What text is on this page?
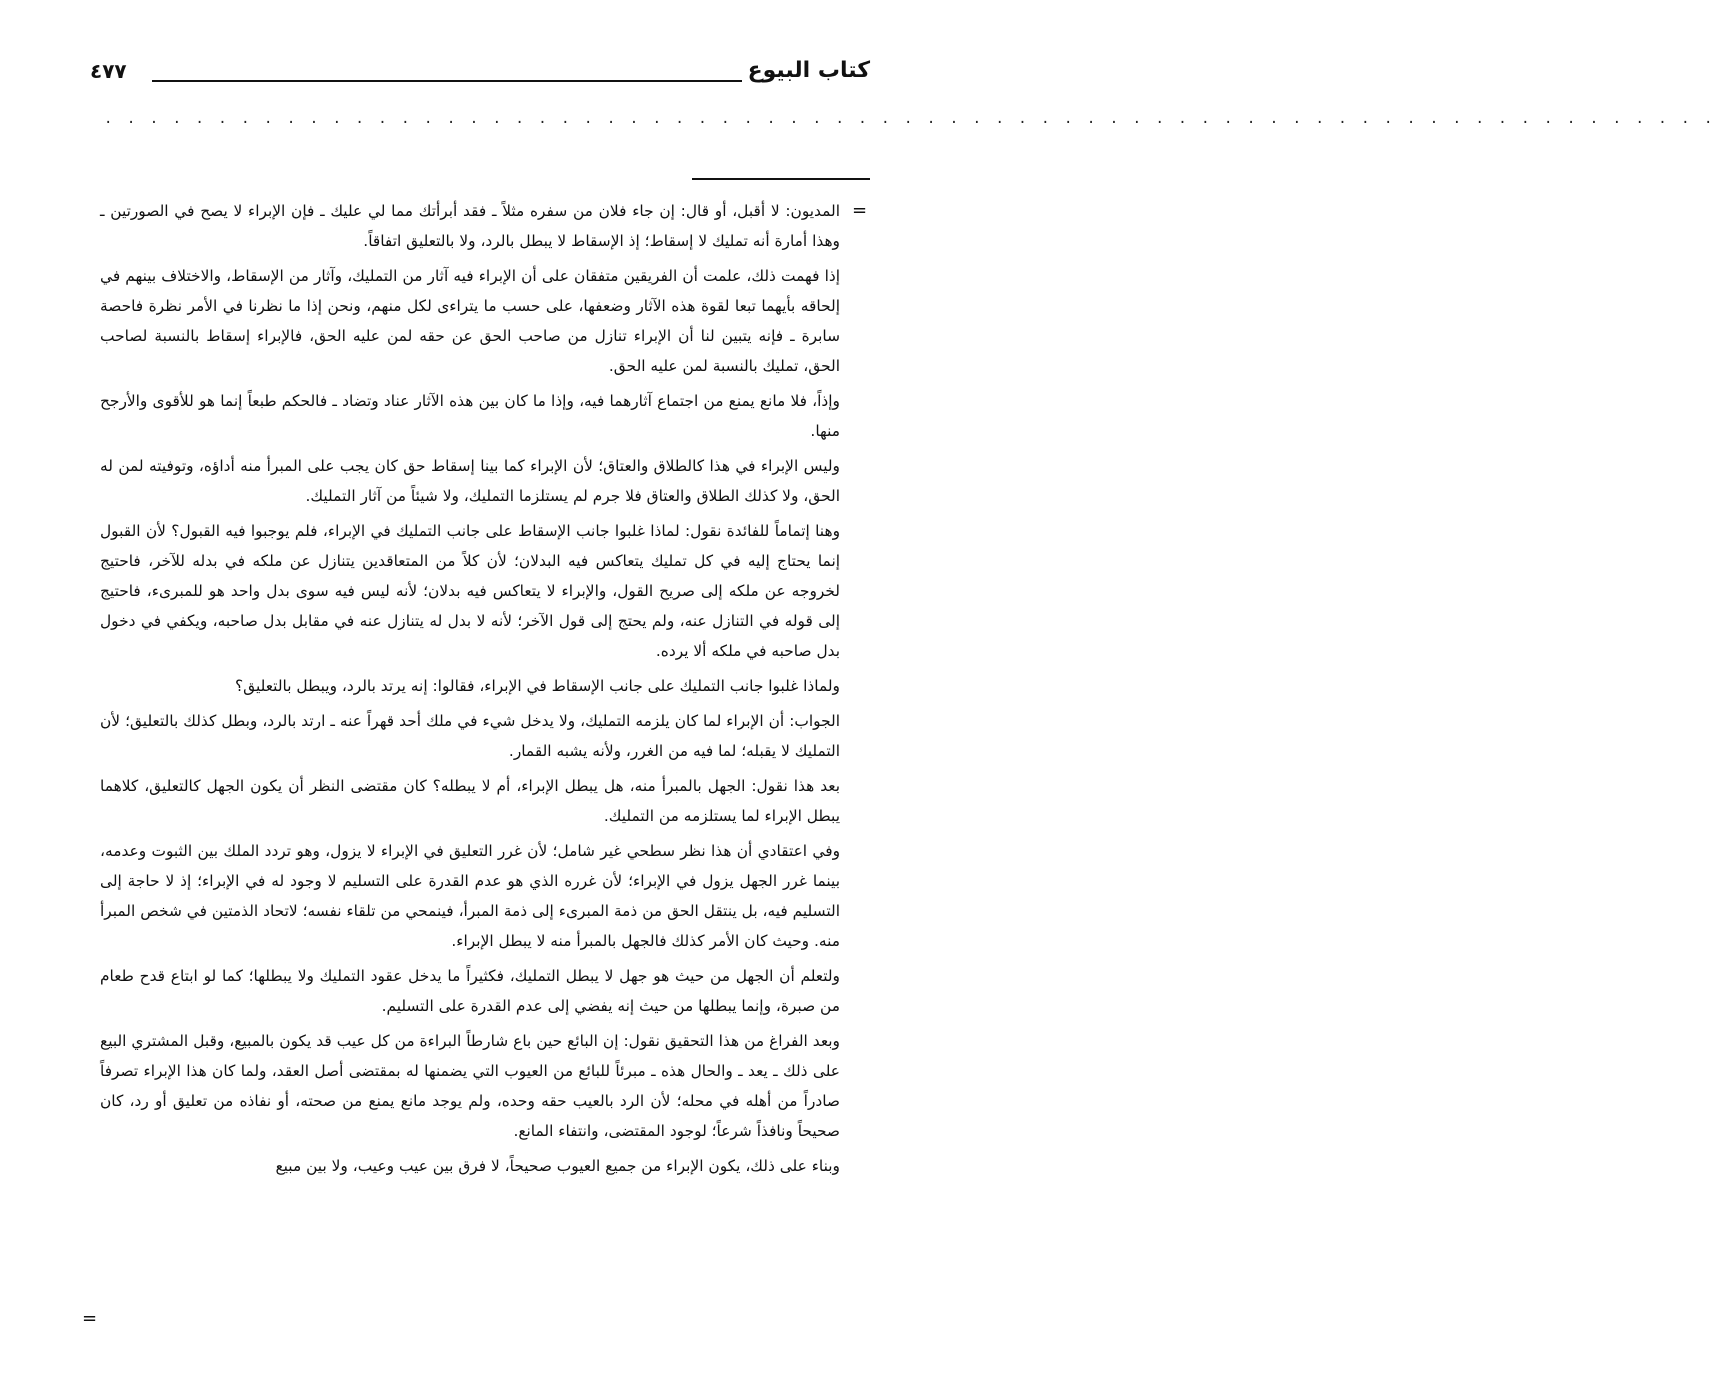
كتاب البيوع
٤٧٧
. . . . . . . . . . . . . . . . . . . . . . . . . . . . . . . . . . . . . . . . . . . . . . . . . . . . . . . . . . . . . . . . . . . . . . .
=

المديون: لا أقبل، أو قال: إن جاء فلان من سفره مثلاً ـ فقد أبرأتك مما لي عليك ـ فإن الإبراء لا يصح في الصورتين ـ وهذا أمارة أنه تمليك لا إسقاط؛ إذ الإسقاط لا يبطل بالرد، ولا بالتعليق اتفاقاً.

إذا فهمت ذلك، علمت أن الفريقين متفقان على أن الإبراء فيه آثار من التمليك، وآثار من الإسقاط، والاختلاف بينهم في إلحاقه بأيهما تبعا لقوة هذه الآثار وضعفها، على حسب ما يتراءى لكل منهم، ونحن إذا ما نظرنا في الأمر نظرة فاحصة سابرة ـ فإنه يتبين لنا أن الإبراء تنازل من صاحب الحق عن حقه لمن عليه الحق، فالإبراء إسقاط بالنسبة لصاحب الحق، تمليك بالنسبة لمن عليه الحق.

وإذاً، فلا مانع يمنع من اجتماع آثارهما فيه، وإذا ما كان بين هذه الآثار عناد وتضاد ـ فالحكم طبعاً إنما هو للأقوى والأرجح منها.

وليس الإبراء في هذا كالطلاق والعتاق؛ لأن الإبراء كما بينا إسقاط حق كان يجب على المبرأ منه أداؤه، وتوفيته لمن له الحق، ولا كذلك الطلاق والعتاق فلا جرم لم يستلزما التمليك، ولا شيئاً من آثار التمليك.

وهنا إتماماً للفائدة نقول: لماذا غلبوا جانب الإسقاط على جانب التمليك في الإبراء، فلم يوجبوا فيه القبول؟ لأن القبول إنما يحتاج إليه في كل تمليك يتعاكس فيه البدلان؛ لأن كلاً من المتعاقدين يتنازل عن ملكه في بدله للآخر، فاحتيج لخروجه عن ملكه إلى صريح القول، والإبراء لا يتعاكس فيه بدلان؛ لأنه ليس فيه سوى بدل واحد هو للمبرىء، فاحتيج إلى قوله في التنازل عنه، ولم يحتج إلى قول الآخر؛ لأنه لا بدل له يتنازل عنه في مقابل بدل صاحبه، ويكفي في دخول بدل صاحبه في ملكه ألا يرده.

ولماذا غلبوا جانب التمليك على جانب الإسقاط في الإبراء، فقالوا: إنه يرتد بالرد، ويبطل بالتعليق؟

الجواب: أن الإبراء لما كان يلزمه التمليك، ولا يدخل شيء في ملك أحد قهراً عنه ـ ارتد بالرد، وبطل كذلك بالتعليق؛ لأن التمليك لا يقبله؛ لما فيه من الغرر، ولأنه يشبه القمار.

بعد هذا نقول: الجهل بالمبرأ منه، هل يبطل الإبراء، أم لا يبطله؟ كان مقتضى النظر أن يكون الجهل كالتعليق، كلاهما يبطل الإبراء لما يستلزمه من التمليك.

وفي اعتقادي أن هذا نظر سطحي غير شامل؛ لأن غرر التعليق في الإبراء لا يزول، وهو تردد الملك بين الثبوت وعدمه، بينما غرر الجهل يزول في الإبراء؛ لأن غرره الذي هو عدم القدرة على التسليم لا وجود له في الإبراء؛ إذ لا حاجة إلى التسليم فيه، بل ينتقل الحق من ذمة المبرىء إلى ذمة المبرأ، فينمحي من تلقاء نفسه؛ لاتحاد الذمتين في شخص المبرأ منه. وحيث كان الأمر كذلك فالجهل بالمبرأ منه لا يبطل الإبراء.

ولتعلم أن الجهل من حيث هو جهل لا يبطل التمليك، فكثيراً ما يدخل عقود التمليك ولا يبطلها؛ كما لو ابتاع قدح طعام من صبرة، وإنما يبطلها من حيث إنه يفضي إلى عدم القدرة على التسليم.

وبعد الفراغ من هذا التحقيق نقول: إن البائع حين باع شارطاً البراءة من كل عيب قد يكون بالمبيع، وقبل المشتري البيع على ذلك ـ يعد ـ والحال هذه ـ مبرئاً للبائع من العيوب التي يضمنها له بمقتضى أصل العقد، ولما كان هذا الإبراء تصرفاً صادراً من أهله في محله؛ لأن الرد بالعيب حقه وحده، ولم يوجد مانع يمنع من صحته، أو نفاذه من تعليق أو رد، كان صحيحاً ونافذاً شرعاً؛ لوجود المقتضى، وانتفاء المانع.

وبناء على ذلك، يكون الإبراء من جميع العيوب صحيحاً، لا فرق بين عيب وعيب، ولا بين مبيع

=
